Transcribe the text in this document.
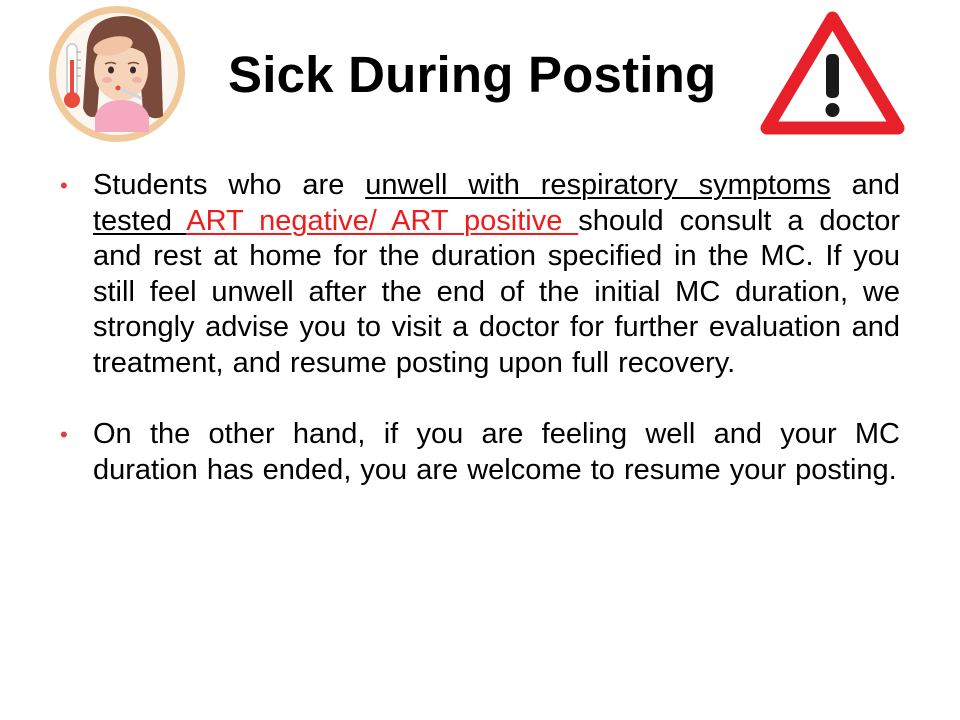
Sick During Posting
• Students who are unwell with respiratory symptoms and tested ART negative/ ART positive should consult a doctor and rest at home for the duration specified in the MC. If you still feel unwell after the end of the initial MC duration, we strongly advise you to visit a doctor for further evaluation and treatment, and resume posting upon full recovery.
• On the other hand, if you are feeling well and your MC duration has ended, you are welcome to resume your posting.
